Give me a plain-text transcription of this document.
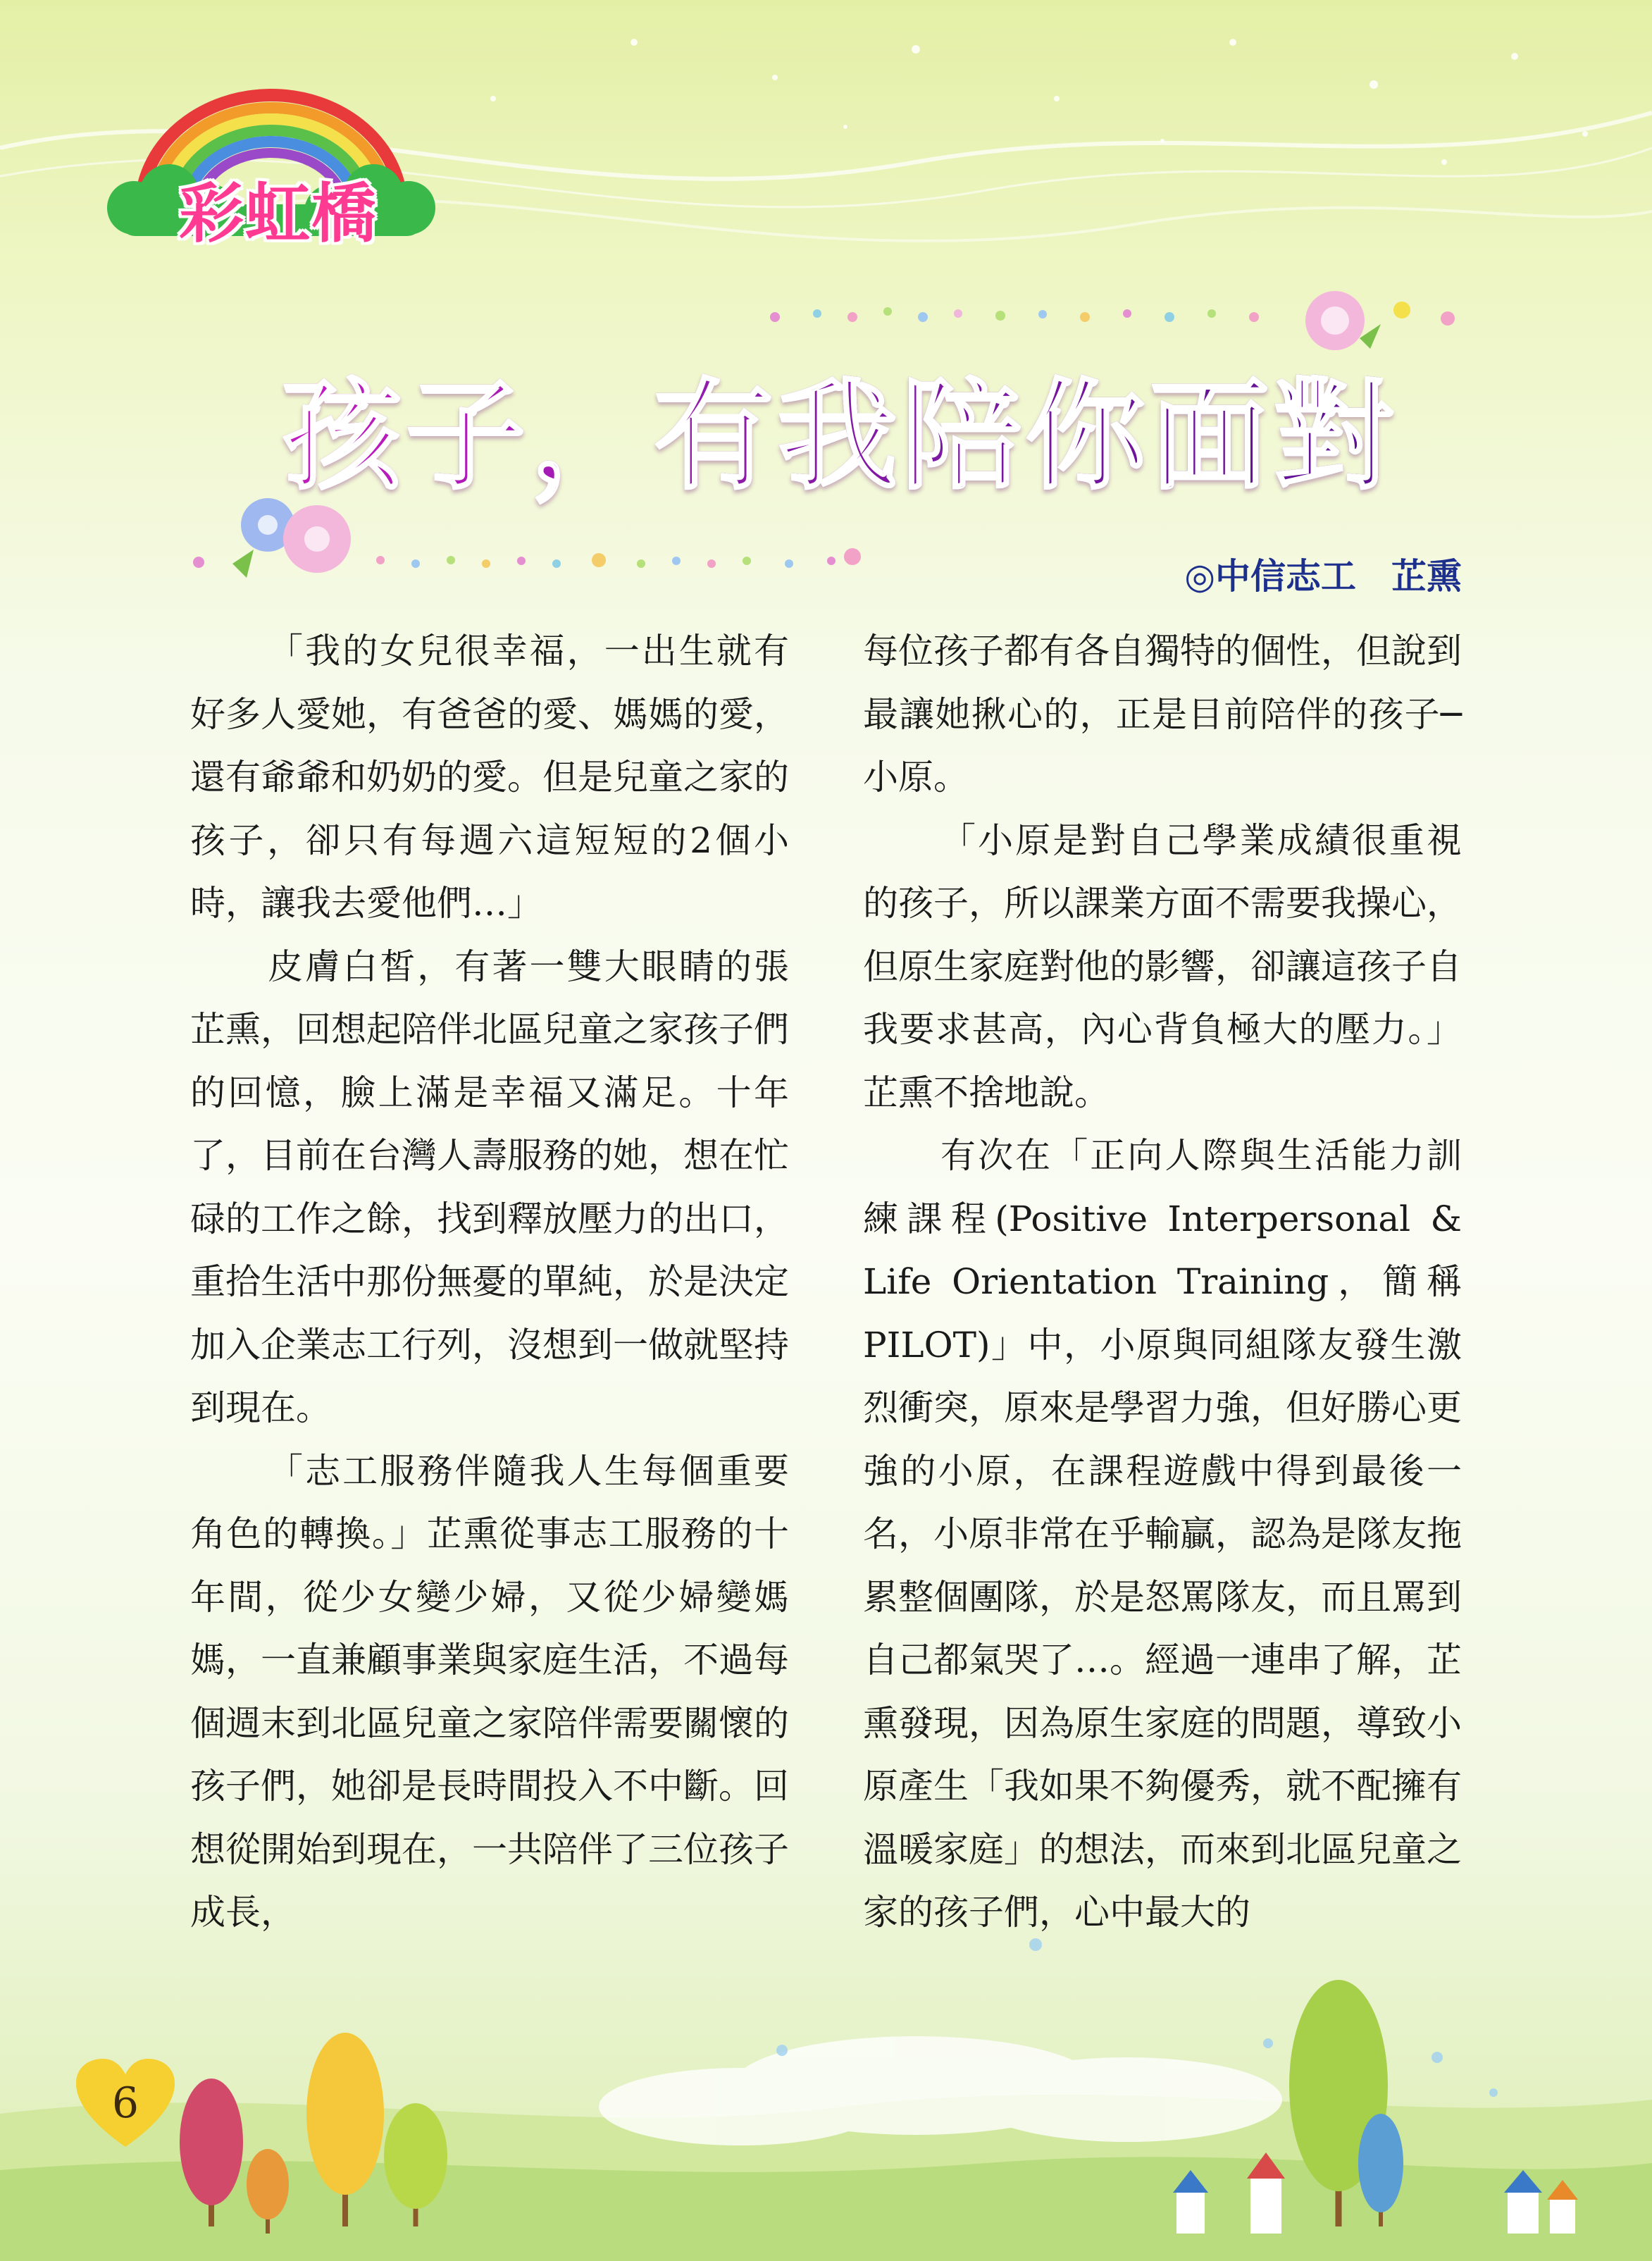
彩虹橋
孩子，有我陪你面對
◎中信志工　芷熏

「我的女兒很幸福，一出生就有好多人愛她，有爸爸的愛、媽媽的愛，還有爺爺和奶奶的愛。但是兒童之家的孩子，卻只有每週六這短短的2個小時，讓我去愛他們…」

皮膚白皙，有著一雙大眼睛的張芷熏，回想起陪伴北區兒童之家孩子們的回憶，臉上滿是幸福又滿足。十年了，目前在台灣人壽服務的她，想在忙碌的工作之餘，找到釋放壓力的出口，重拾生活中那份無憂的單純，於是決定加入企業志工行列，沒想到一做就堅持到現在。

「志工服務伴隨我人生每個重要角色的轉換。」芷熏從事志工服務的十年間，從少女變少婦，又從少婦變媽媽，一直兼顧事業與家庭生活，不過每個週末到北區兒童之家陪伴需要關懷的孩子們，她卻是長時間投入不中斷。回想從開始到現在，一共陪伴了三位孩子成長，

每位孩子都有各自獨特的個性，但說到最讓她揪心的，正是目前陪伴的孩子─小原。

「小原是對自己學業成績很重視的孩子，所以課業方面不需要我操心，但原生家庭對他的影響，卻讓這孩子自我要求甚高，內心背負極大的壓力。」芷熏不捨地說。

有次在「正向人際與生活能力訓練課程(Positive Interpersonal & Life Orientation Training，簡稱PILOT)」中，小原與同組隊友發生激烈衝突，原來是學習力強，但好勝心更強的小原，在課程遊戲中得到最後一名，小原非常在乎輸贏，認為是隊友拖累整個團隊，於是怒罵隊友，而且罵到自己都氣哭了…。經過一連串了解，芷熏發現，因為原生家庭的問題，導致小原產生「我如果不夠優秀，就不配擁有溫暖家庭」的想法，而來到北區兒童之家的孩子們，心中最大的

6
